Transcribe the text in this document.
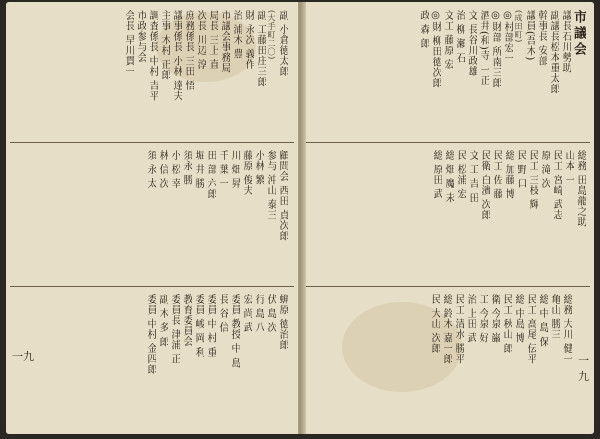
市議会
議長石川勢助
副議長松本重太郎
幹事長 安部
議員(吾木)
(成田町)
◎村部宏一
◎財部 所南三郎
酒井(和)寺 一正
文 長谷川政雄
治 柳 瀬 石
文工 藤原 宏
◎財 柳田徳次郎
政 森 郎
総務 田島龍之助
山本 一
民工 宮崎 武志
原 滝 次
民工 三枝 輝
民 野 口
総 加藤 博
民工 佐 藤
民衛 白濱 次郎
文 工 吉 田
民 松浦 宏
総 畑 魔 末
総 原田 武
総務 大川 健一
亀山 勝三
総 中 島 保
民工 高尾 伝平
総 中島 博
民工 秋山 郎
衛 今泉 巌
工 今泉 好
治 上田 武
民工 清水 勝平
総 鈴木 嘉一郎
民 大山 次郎
一九
副 小倉徳太郎
(大手町二〇)
副 工藤田庄三郎
財 永次 義作
治 浦木 豊
市議会事務局
局長 三上 直
次長 川辺 淳
庶務係長 三田 悟
議事係長 小林 達夫
主事 木村 正郎
調査係長 中村 吉平
市政参与会
会長 早川貫一
顧問会 西田 貞次郎
参与 沖山 泰三
小林 繁
藤原 俊夫
川 畑 昇
千 葉 一
田 部 六郎
堀 井 勝
須永 勝
小 松 幸
林 信 次
須 永 太
蝋原 徳治郎
伏 島 次
行 島 八
宏 尚 武
委員 教授 中 島
長 谷 信
委員 中 村 重
委員 峻 岡 利
教育委員会
委員長 津浦 正
副 木 多 郎
委員 中村 金四郎
一九
